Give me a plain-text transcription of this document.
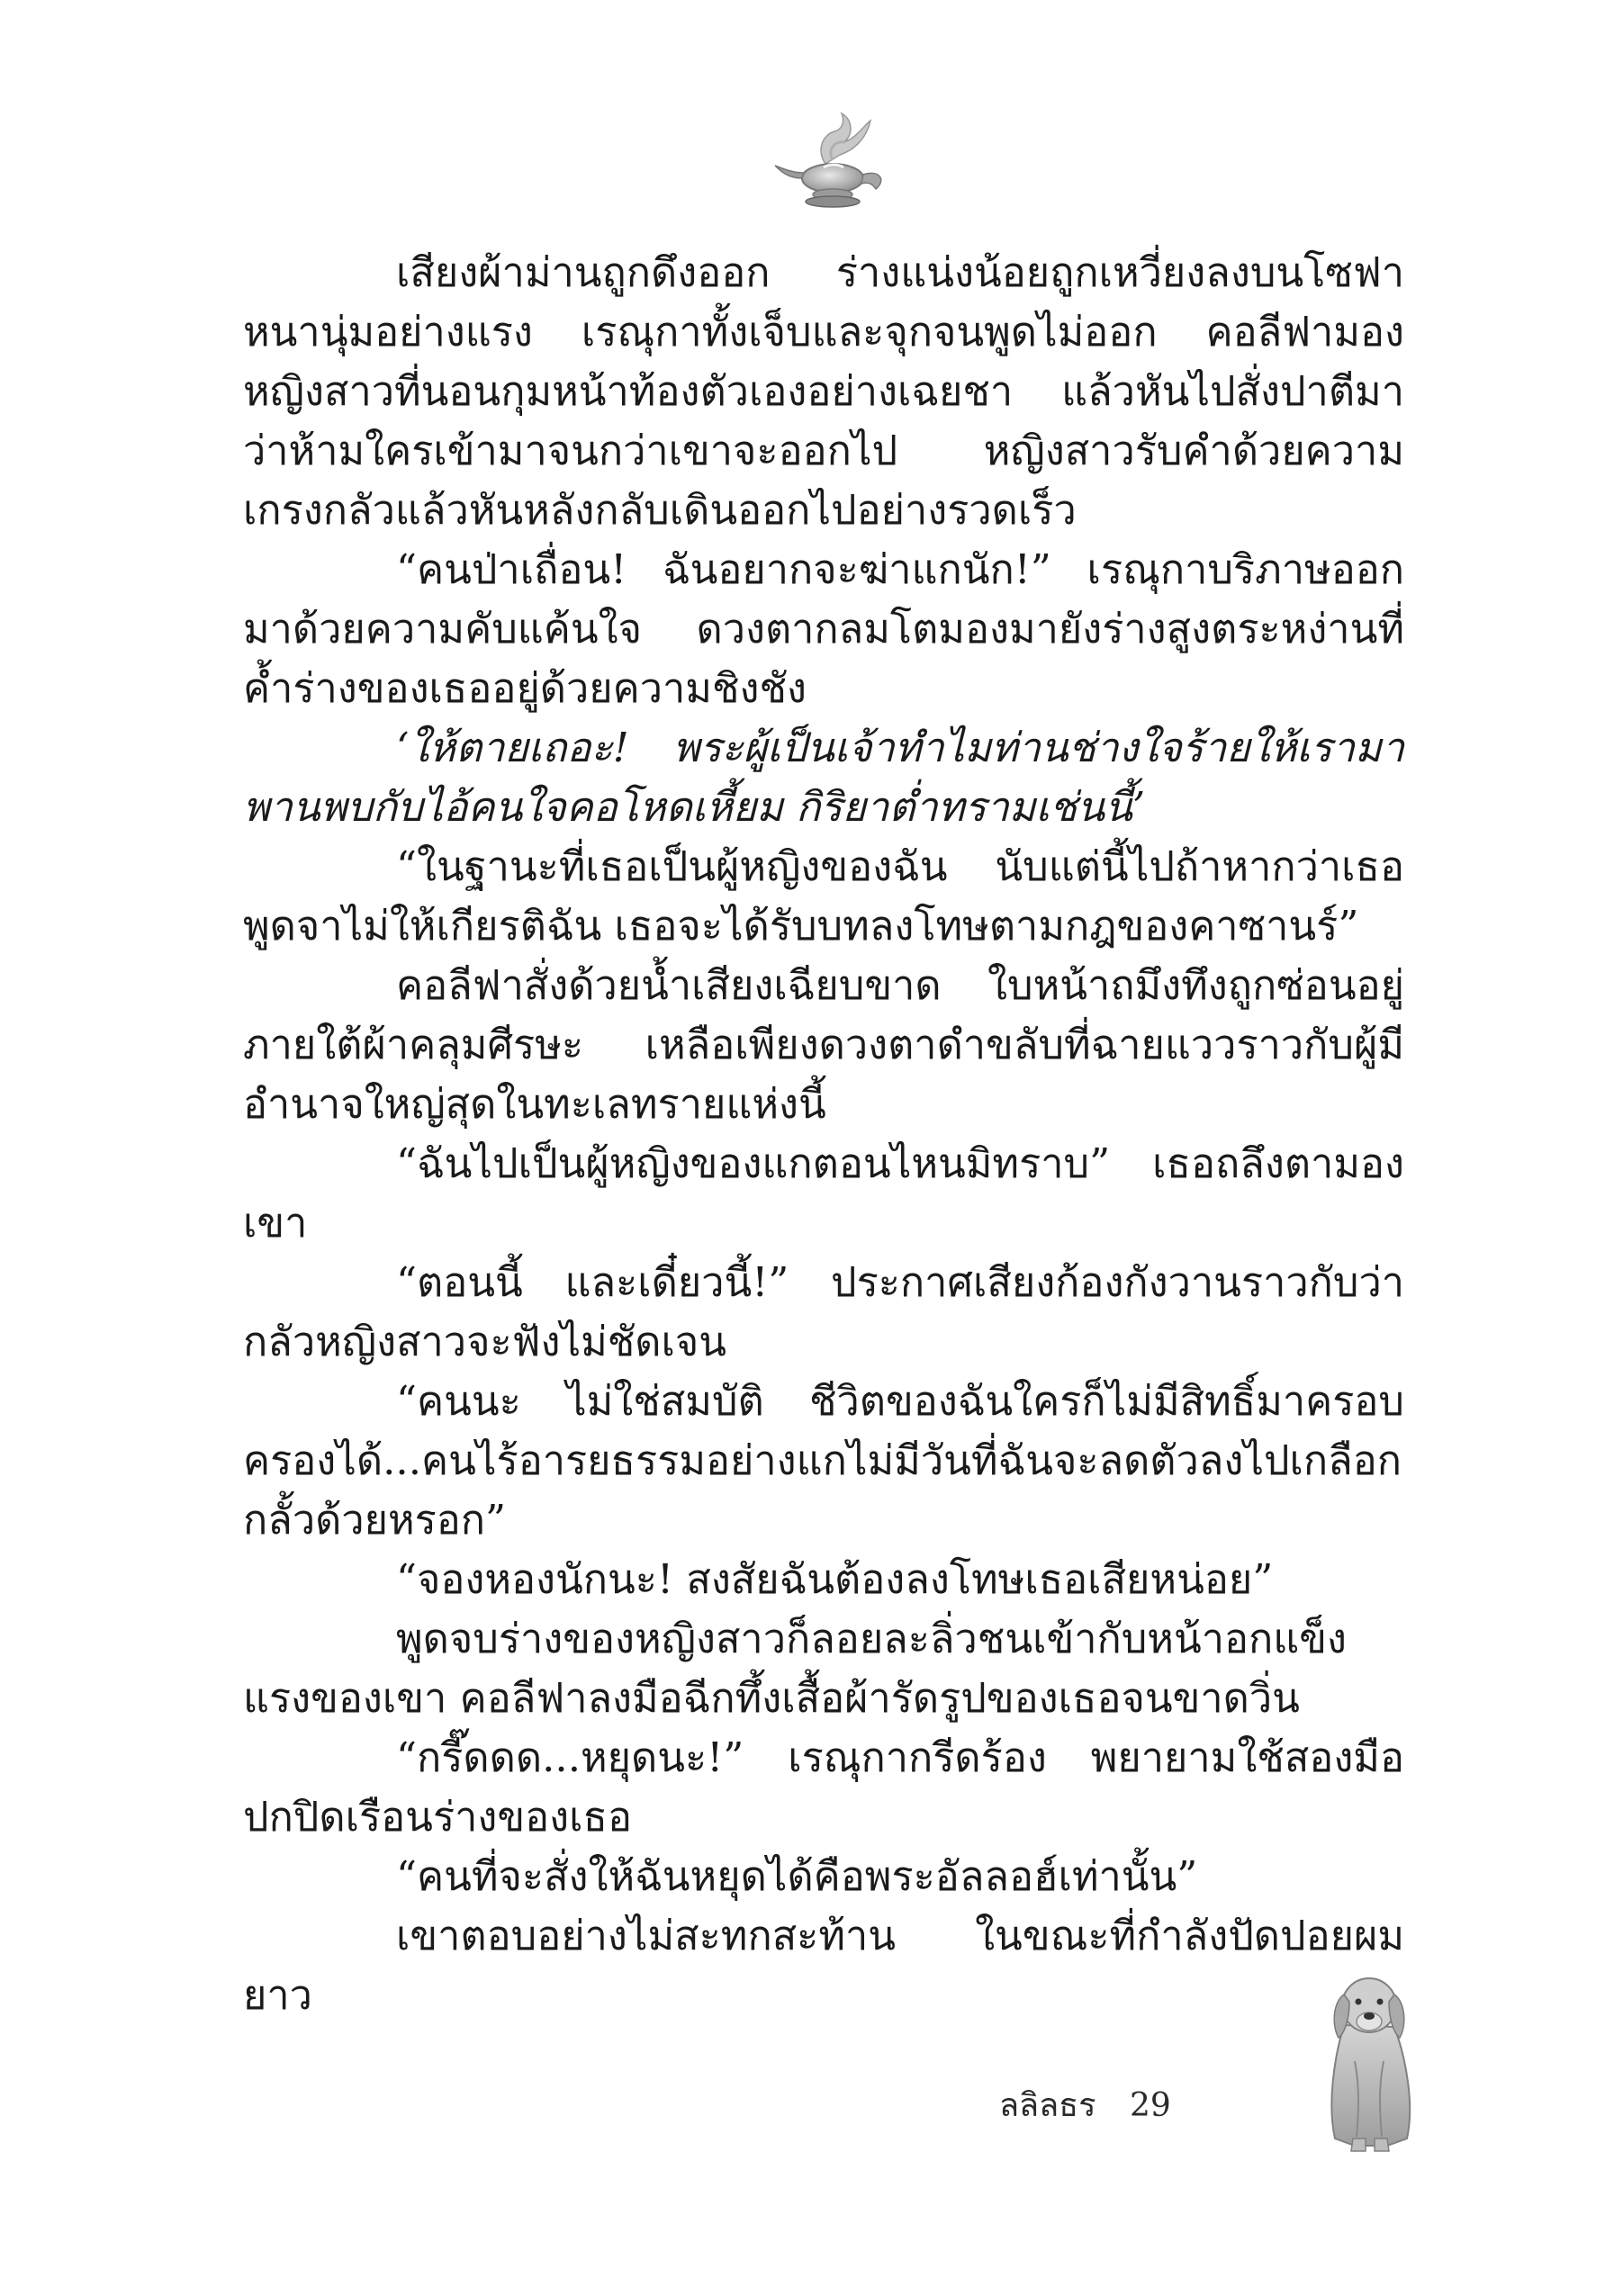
เสียงผ้าม่านถูกดึงออก ร่างแน่งน้อยถูกเหวี่ยงลงบนโซฟาหนานุ่มอย่างแรง เรณุกาทั้งเจ็บและจุกจนพูดไม่ออก คอลีฟามองหญิงสาวที่นอนกุมหน้าท้องตัวเองอย่างเฉยชา แล้วหันไปสั่งปาตีมาว่าห้ามใครเข้ามาจนกว่าเขาจะออกไป หญิงสาวรับคำด้วยความเกรงกลัวแล้วหันหลังกลับเดินออกไปอย่างรวดเร็ว

“คนป่าเถื่อน! ฉันอยากจะฆ่าแกนัก!” เรณุกาบริภาษออกมาด้วยความคับแค้นใจ ดวงตากลมโตมองมายังร่างสูงตระหง่านที่ค้ำร่างของเธออยู่ด้วยความชิงชัง

‘ให้ตายเถอะ! พระผู้เป็นเจ้าทำไมท่านช่างใจร้ายให้เรามาพานพบกับไอ้คนใจคอโหดเหี้ยม กิริยาต่ำทรามเช่นนี้’

“ในฐานะที่เธอเป็นผู้หญิงของฉัน นับแต่นี้ไปถ้าหากว่าเธอพูดจาไม่ให้เกียรติฉัน เธอจะได้รับบทลงโทษตามกฎของคาซานร์”

คอลีฟาสั่งด้วยน้ำเสียงเฉียบขาด ใบหน้าถมึงทึงถูกซ่อนอยู่ภายใต้ผ้าคลุมศีรษะ เหลือเพียงดวงตาดำขลับที่ฉายแววราวกับผู้มีอำนาจใหญ่สุดในทะเลทรายแห่งนี้

“ฉันไปเป็นผู้หญิงของแกตอนไหนมิทราบ” เธอถลึงตามองเขา

“ตอนนี้ และเดี๋ยวนี้!” ประกาศเสียงก้องกังวานราวกับว่ากลัวหญิงสาวจะฟังไม่ชัดเจน

“คนนะ ไม่ใช่สมบัติ ชีวิตของฉันใครก็ไม่มีสิทธิ์มาครอบครองได้...คนไร้อารยธรรมอย่างแกไม่มีวันที่ฉันจะลดตัวลงไปเกลือกกลั้วด้วยหรอก”

“จองหองนักนะ! สงสัยฉันต้องลงโทษเธอเสียหน่อย”

พูดจบร่างของหญิงสาวก็ลอยละลิ่วชนเข้ากับหน้าอกแข็งแรงของเขา คอลีฟาลงมือฉีกทึ้งเสื้อผ้ารัดรูปของเธอจนขาดวิ่น

“กรี๊ดดด...หยุดนะ!” เรณุกากรีดร้อง พยายามใช้สองมือปกปิดเรือนร่างของเธอ

“คนที่จะสั่งให้ฉันหยุดได้คือพระอัลลอฮ์เท่านั้น”

เขาตอบอย่างไม่สะทกสะท้าน ในขณะที่กำลังปัดปอยผมยาว

ลลิลธร 29
